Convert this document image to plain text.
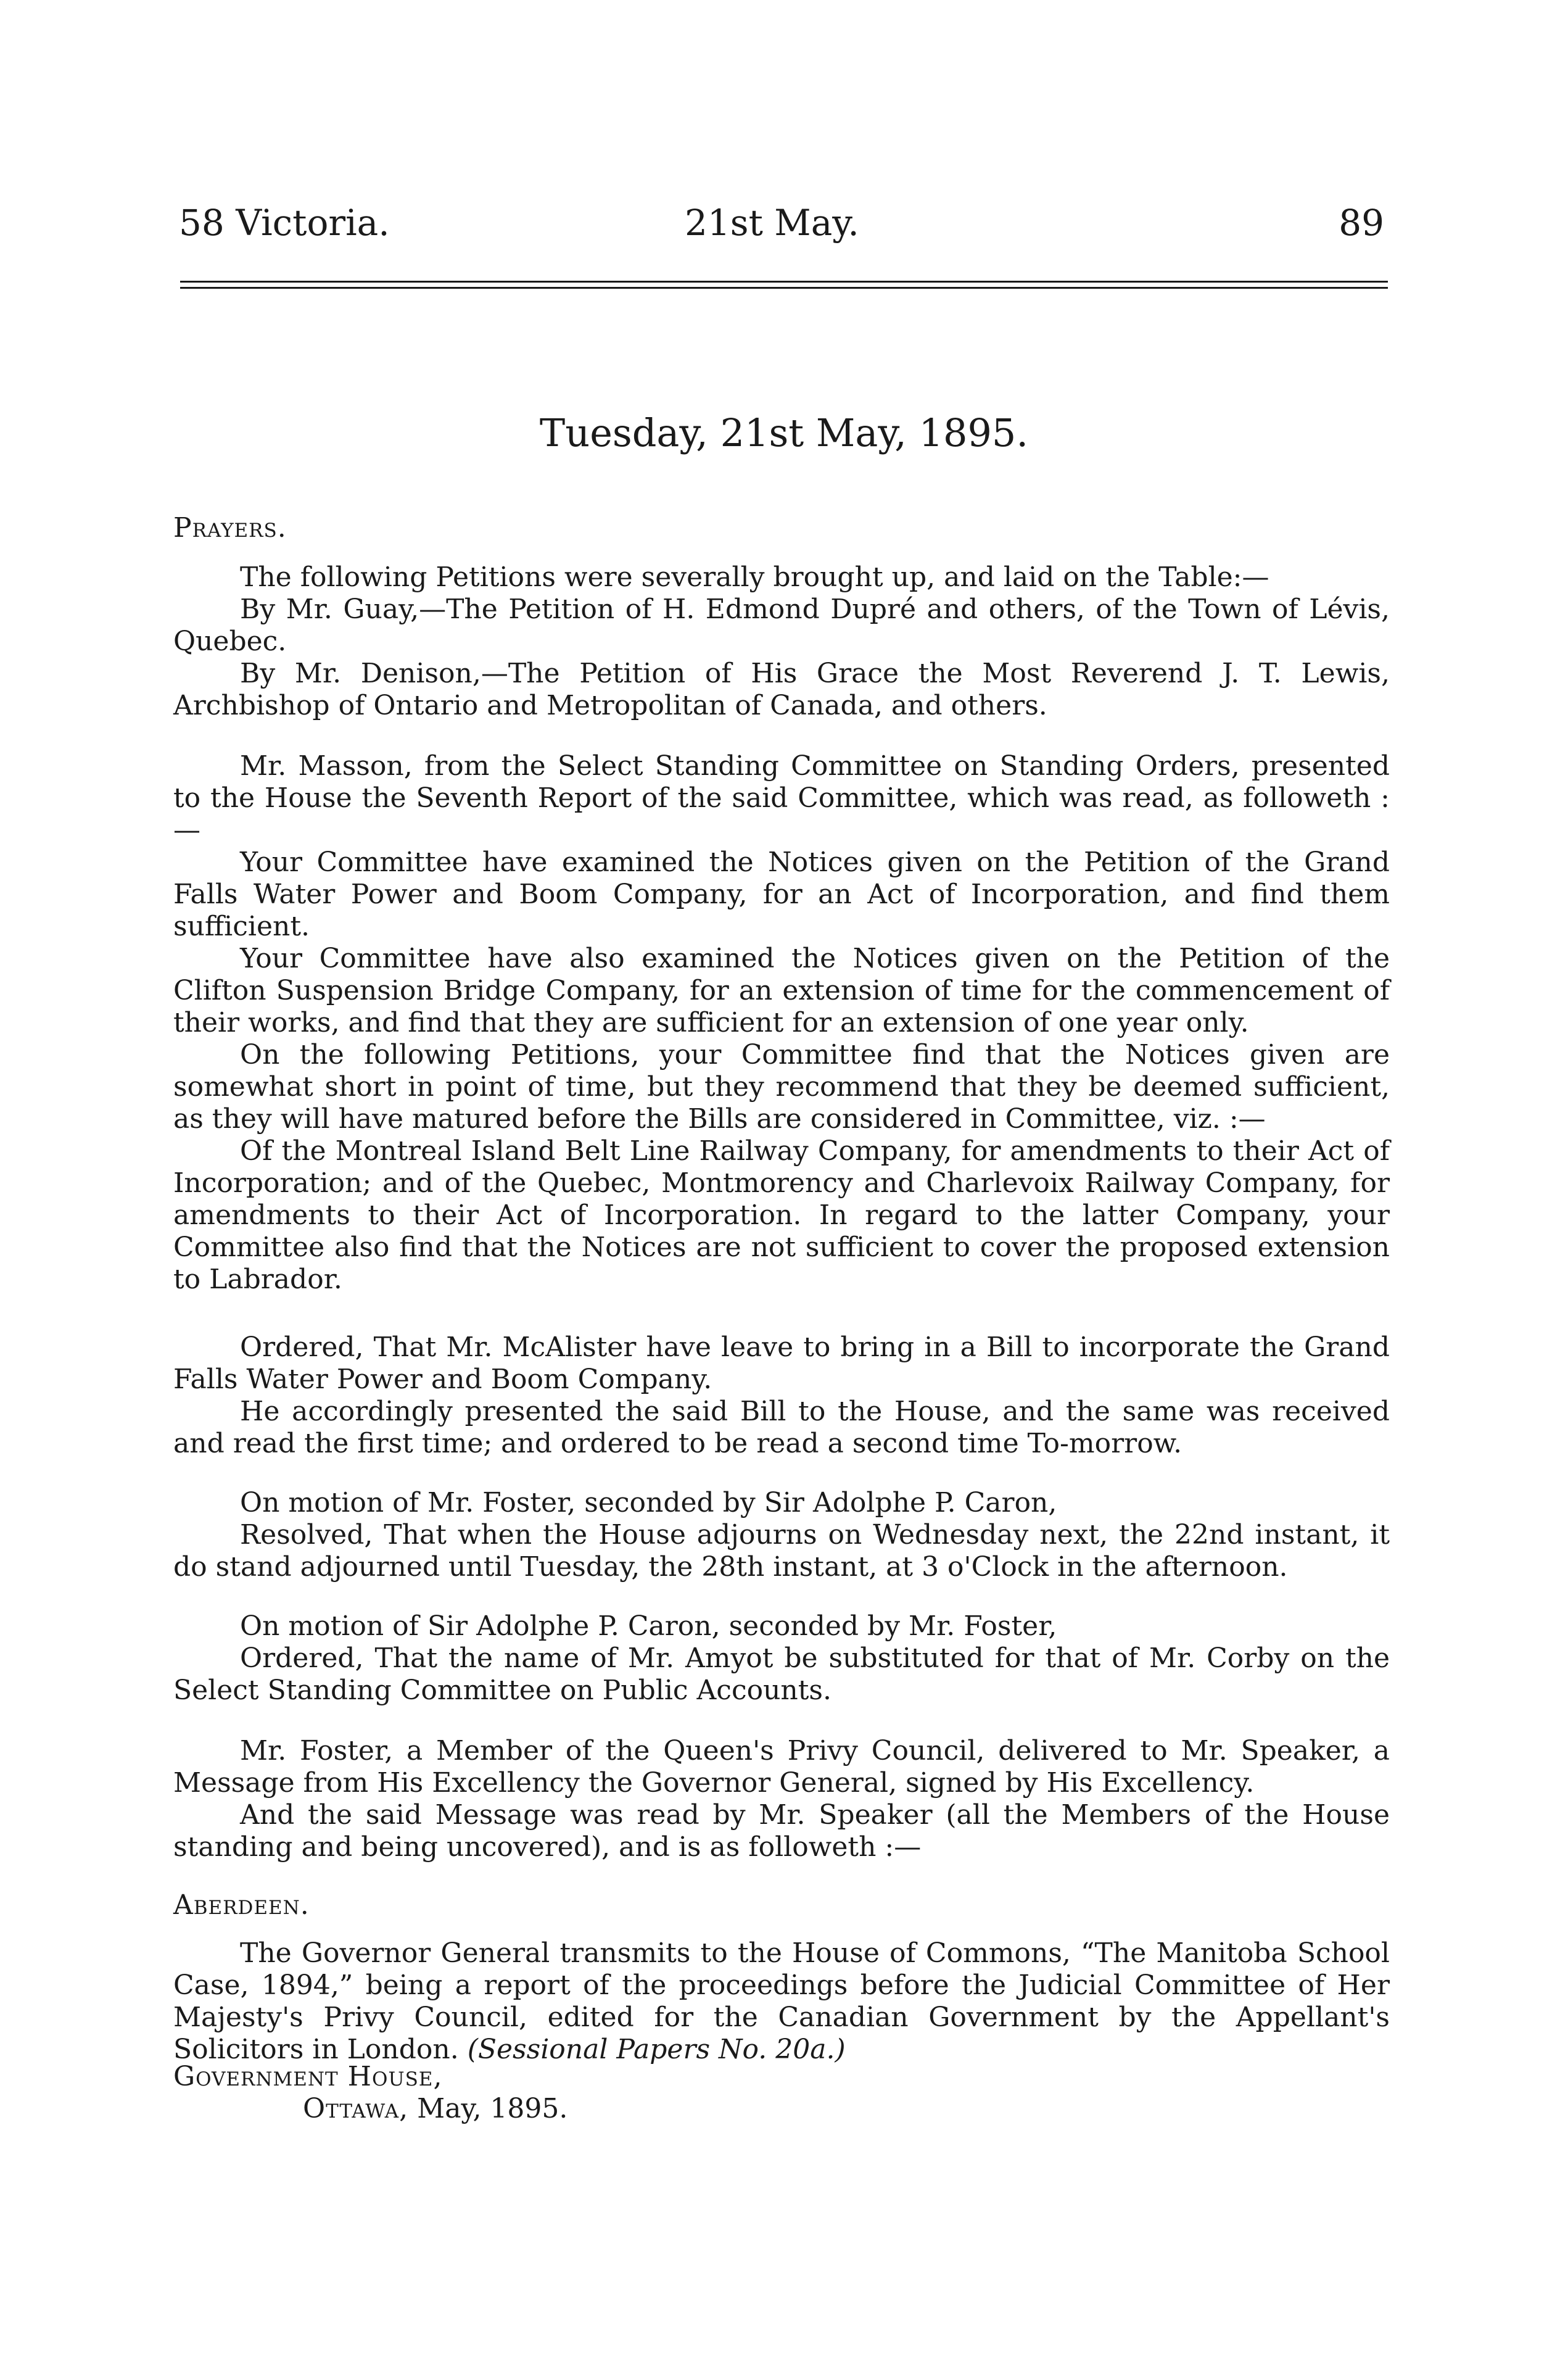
58 Victoria.	21st May.	89
Tuesday, 21st May, 1895.

Prayers.

The following Petitions were severally brought up, and laid on the Table:—

By Mr. Guay,—The Petition of H. Edmond Dupré and others, of the Town of Lévis, Quebec.

By Mr. Denison,—The Petition of His Grace the Most Reverend J. T. Lewis, Archbishop of Ontario and Metropolitan of Canada, and others.

Mr. Masson, from the Select Standing Committee on Standing Orders, presented to the House the Seventh Report of the said Committee, which was read, as followeth :—

Your Committee have examined the Notices given on the Petition of the Grand Falls Water Power and Boom Company, for an Act of Incorporation, and find them sufficient.

Your Committee have also examined the Notices given on the Petition of the Clifton Suspension Bridge Company, for an extension of time for the commencement of their works, and find that they are sufficient for an extension of one year only.

On the following Petitions, your Committee find that the Notices given are somewhat short in point of time, but they recommend that they be deemed sufficient, as they will have matured before the Bills are considered in Committee, viz. :—

Of the Montreal Island Belt Line Railway Company, for amendments to their Act of Incorporation; and of the Quebec, Montmorency and Charlevoix Railway Company, for amendments to their Act of Incorporation. In regard to the latter Company, your Committee also find that the Notices are not sufficient to cover the proposed extension to Labrador.

Ordered, That Mr. McAlister have leave to bring in a Bill to incorporate the Grand Falls Water Power and Boom Company.

He accordingly presented the said Bill to the House, and the same was received and read the first time; and ordered to be read a second time To-morrow.

On motion of Mr. Foster, seconded by Sir Adolphe P. Caron,

Resolved, That when the House adjourns on Wednesday next, the 22nd instant, it do stand adjourned until Tuesday, the 28th instant, at 3 o'Clock in the afternoon.

On motion of Sir Adolphe P. Caron, seconded by Mr. Foster,

Ordered, That the name of Mr. Amyot be substituted for that of Mr. Corby on the Select Standing Committee on Public Accounts.

Mr. Foster, a Member of the Queen's Privy Council, delivered to Mr. Speaker, a Message from His Excellency the Governor General, signed by His Excellency.

And the said Message was read by Mr. Speaker (all the Members of the House standing and being uncovered), and is as followeth :—

Aberdeen.

The Governor General transmits to the House of Commons, “The Manitoba School Case, 1894,” being a report of the proceedings before the Judicial Committee of Her Majesty's Privy Council, edited for the Canadian Government by the Appellant's Solicitors in London. (Sessional Papers No. 20a.)

Government House,

Ottawa, May, 1895.
